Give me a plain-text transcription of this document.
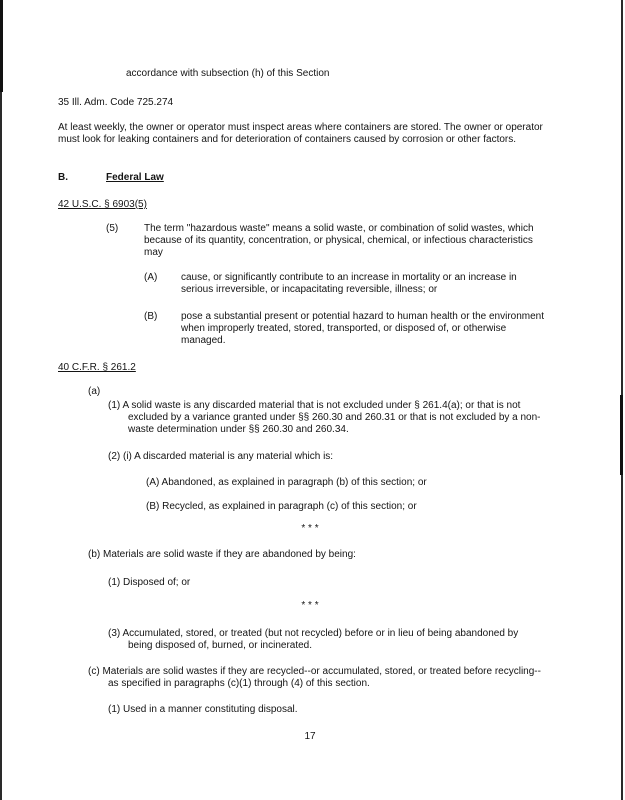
accordance with subsection (h) of this Section

35 Ill. Adm. Code 725.274

At least weekly, the owner or operator must inspect areas where containers are stored. The owner or operator must look for leaking containers and for deterioration of containers caused by corrosion or other factors.

B.	Federal Law

42 U.S.C. § 6903(5)

(5)	The term "hazardous waste" means a solid waste, or combination of solid wastes, which because of its quantity, concentration, or physical, chemical, or infectious characteristics may

(A)	cause, or significantly contribute to an increase in mortality or an increase in serious irreversible, or incapacitating reversible, illness; or

(B)	pose a substantial present or potential hazard to human health or the environment when improperly treated, stored, transported, or disposed of, or otherwise managed.

40 C.F.R. § 261.2

(a)

(1) A solid waste is any discarded material that is not excluded under § 261.4(a); or that is not excluded by a variance granted under §§ 260.30 and 260.31 or that is not excluded by a non-waste determination under §§ 260.30 and 260.34.

(2) (i) A discarded material is any material which is:

(A) Abandoned, as explained in paragraph (b) of this section; or

(B) Recycled, as explained in paragraph (c) of this section; or

* * *

(b) Materials are solid waste if they are abandoned by being:

(1) Disposed of; or

* * *

(3) Accumulated, stored, or treated (but not recycled) before or in lieu of being abandoned by being disposed of, burned, or incinerated.

(c) Materials are solid wastes if they are recycled--or accumulated, stored, or treated before recycling--as specified in paragraphs (c)(1) through (4) of this section.

(1) Used in a manner constituting disposal.

17
